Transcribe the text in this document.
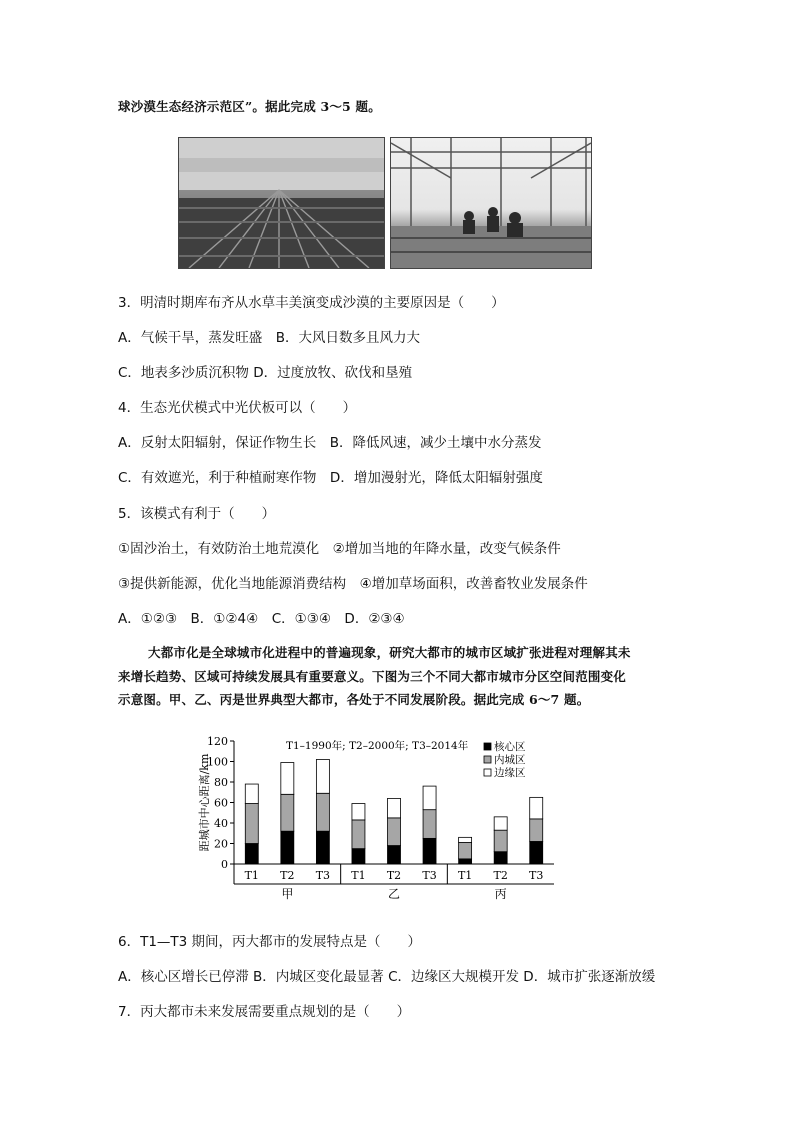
球沙漠生态经济示范区”。据此完成 3～5 题。
3．明清时期库布齐从水草丰美演变成沙漠的主要原因是（　　）
A．气候干旱，蒸发旺盛　B．大风日数多且风力大
C．地表多沙质沉积物 D．过度放牧、砍伐和垦殖
4．生态光伏模式中光伏板可以（　　）
A．反射太阳辐射，保证作物生长　B．降低风速，减少土壤中水分蒸发
C．有效遮光，利于种植耐寒作物　D．增加漫射光，降低太阳辐射强度
5．该模式有利于（　　）
①固沙治土，有效防治土地荒漠化　②增加当地的年降水量，改变气候条件
③提供新能源，优化当地能源消费结构　④增加草场面积，改善畜牧业发展条件
A．①②③　B．①②4④　C．①③④　D．②③④
大都市化是全球城市化进程中的普遍现象，研究大都市的城市区域扩张进程对理解其未
来增长趋势、区域可持续发展具有重要意义。下图为三个不同大都市城市分区空间范围变化
示意图。甲、乙、丙是世界典型大都市，各处于不同发展阶段。据此完成 6～7 题。
0
20
40
60
80
100
120
距城市中心距离/km
T1 T2 T3 T1 T2 T3 T1 T2 T3
甲	乙	丙
T1–1990年; T2–2000年; T3–2014年 核心区
内城区
边缘区
6．T1—T3 期间，丙大都市的发展特点是（　　）
A．核心区增长已停滞 B．内城区变化最显著 C．边缘区大规模开发 D．城市扩张逐渐放缓
7．丙大都市未来发展需要重点规划的是（　　）
